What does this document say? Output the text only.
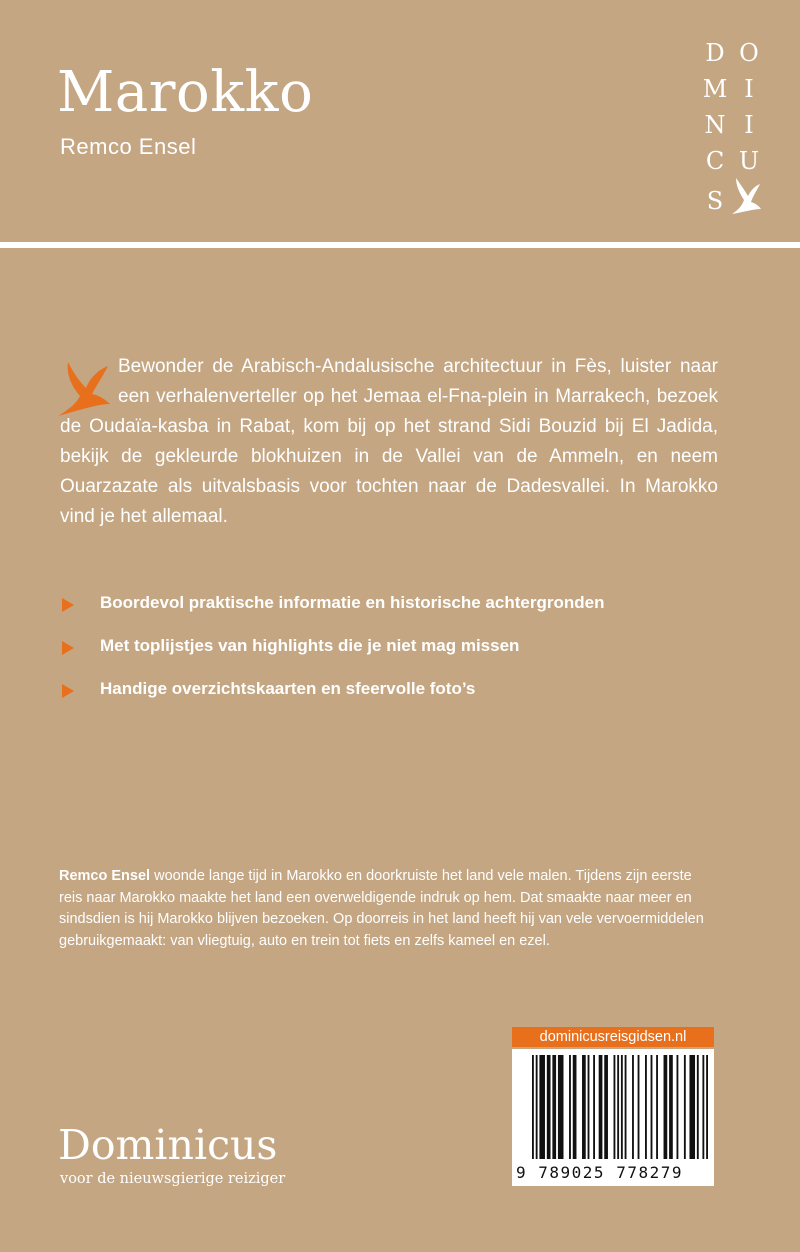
Marokko
Remco Ensel
D O
M I
N I
C U
S

Bewonder de Arabisch-Andalusische architectuur in Fès, luister naar een verhalenverteller op het Jemaa el-Fna-plein in Marrakech, bezoek de Oudaïa-kasba in Rabat, kom bij op het strand Sidi Bouzid bij El Jadida, bekijk de gekleurde blokhuizen in de Vallei van de Ammeln, en neem Ouarzazate als uitvalsbasis voor tochten naar de Dadesvallei. In Marokko vind je het allemaal.

Boordevol praktische informatie en historische achtergronden
Met toplijstjes van highlights die je niet mag missen
Handige overzichtskaarten en sfeervolle foto’s

Remco Ensel woonde lange tijd in Marokko en doorkruiste het land vele malen. Tijdens zijn eerste reis naar Marokko maakte het land een overweldigende indruk op hem. Dat smaakte naar meer en sindsdien is hij Marokko blijven bezoeken. Op doorreis in het land heeft hij van vele vervoermiddelen gebruikgemaakt: van vliegtuig, auto en trein tot fiets en zelfs kameel en ezel.

Dominicus
voor de nieuwsgierige reiziger
dominicusreisgidsen.nl
9 789025 778279
